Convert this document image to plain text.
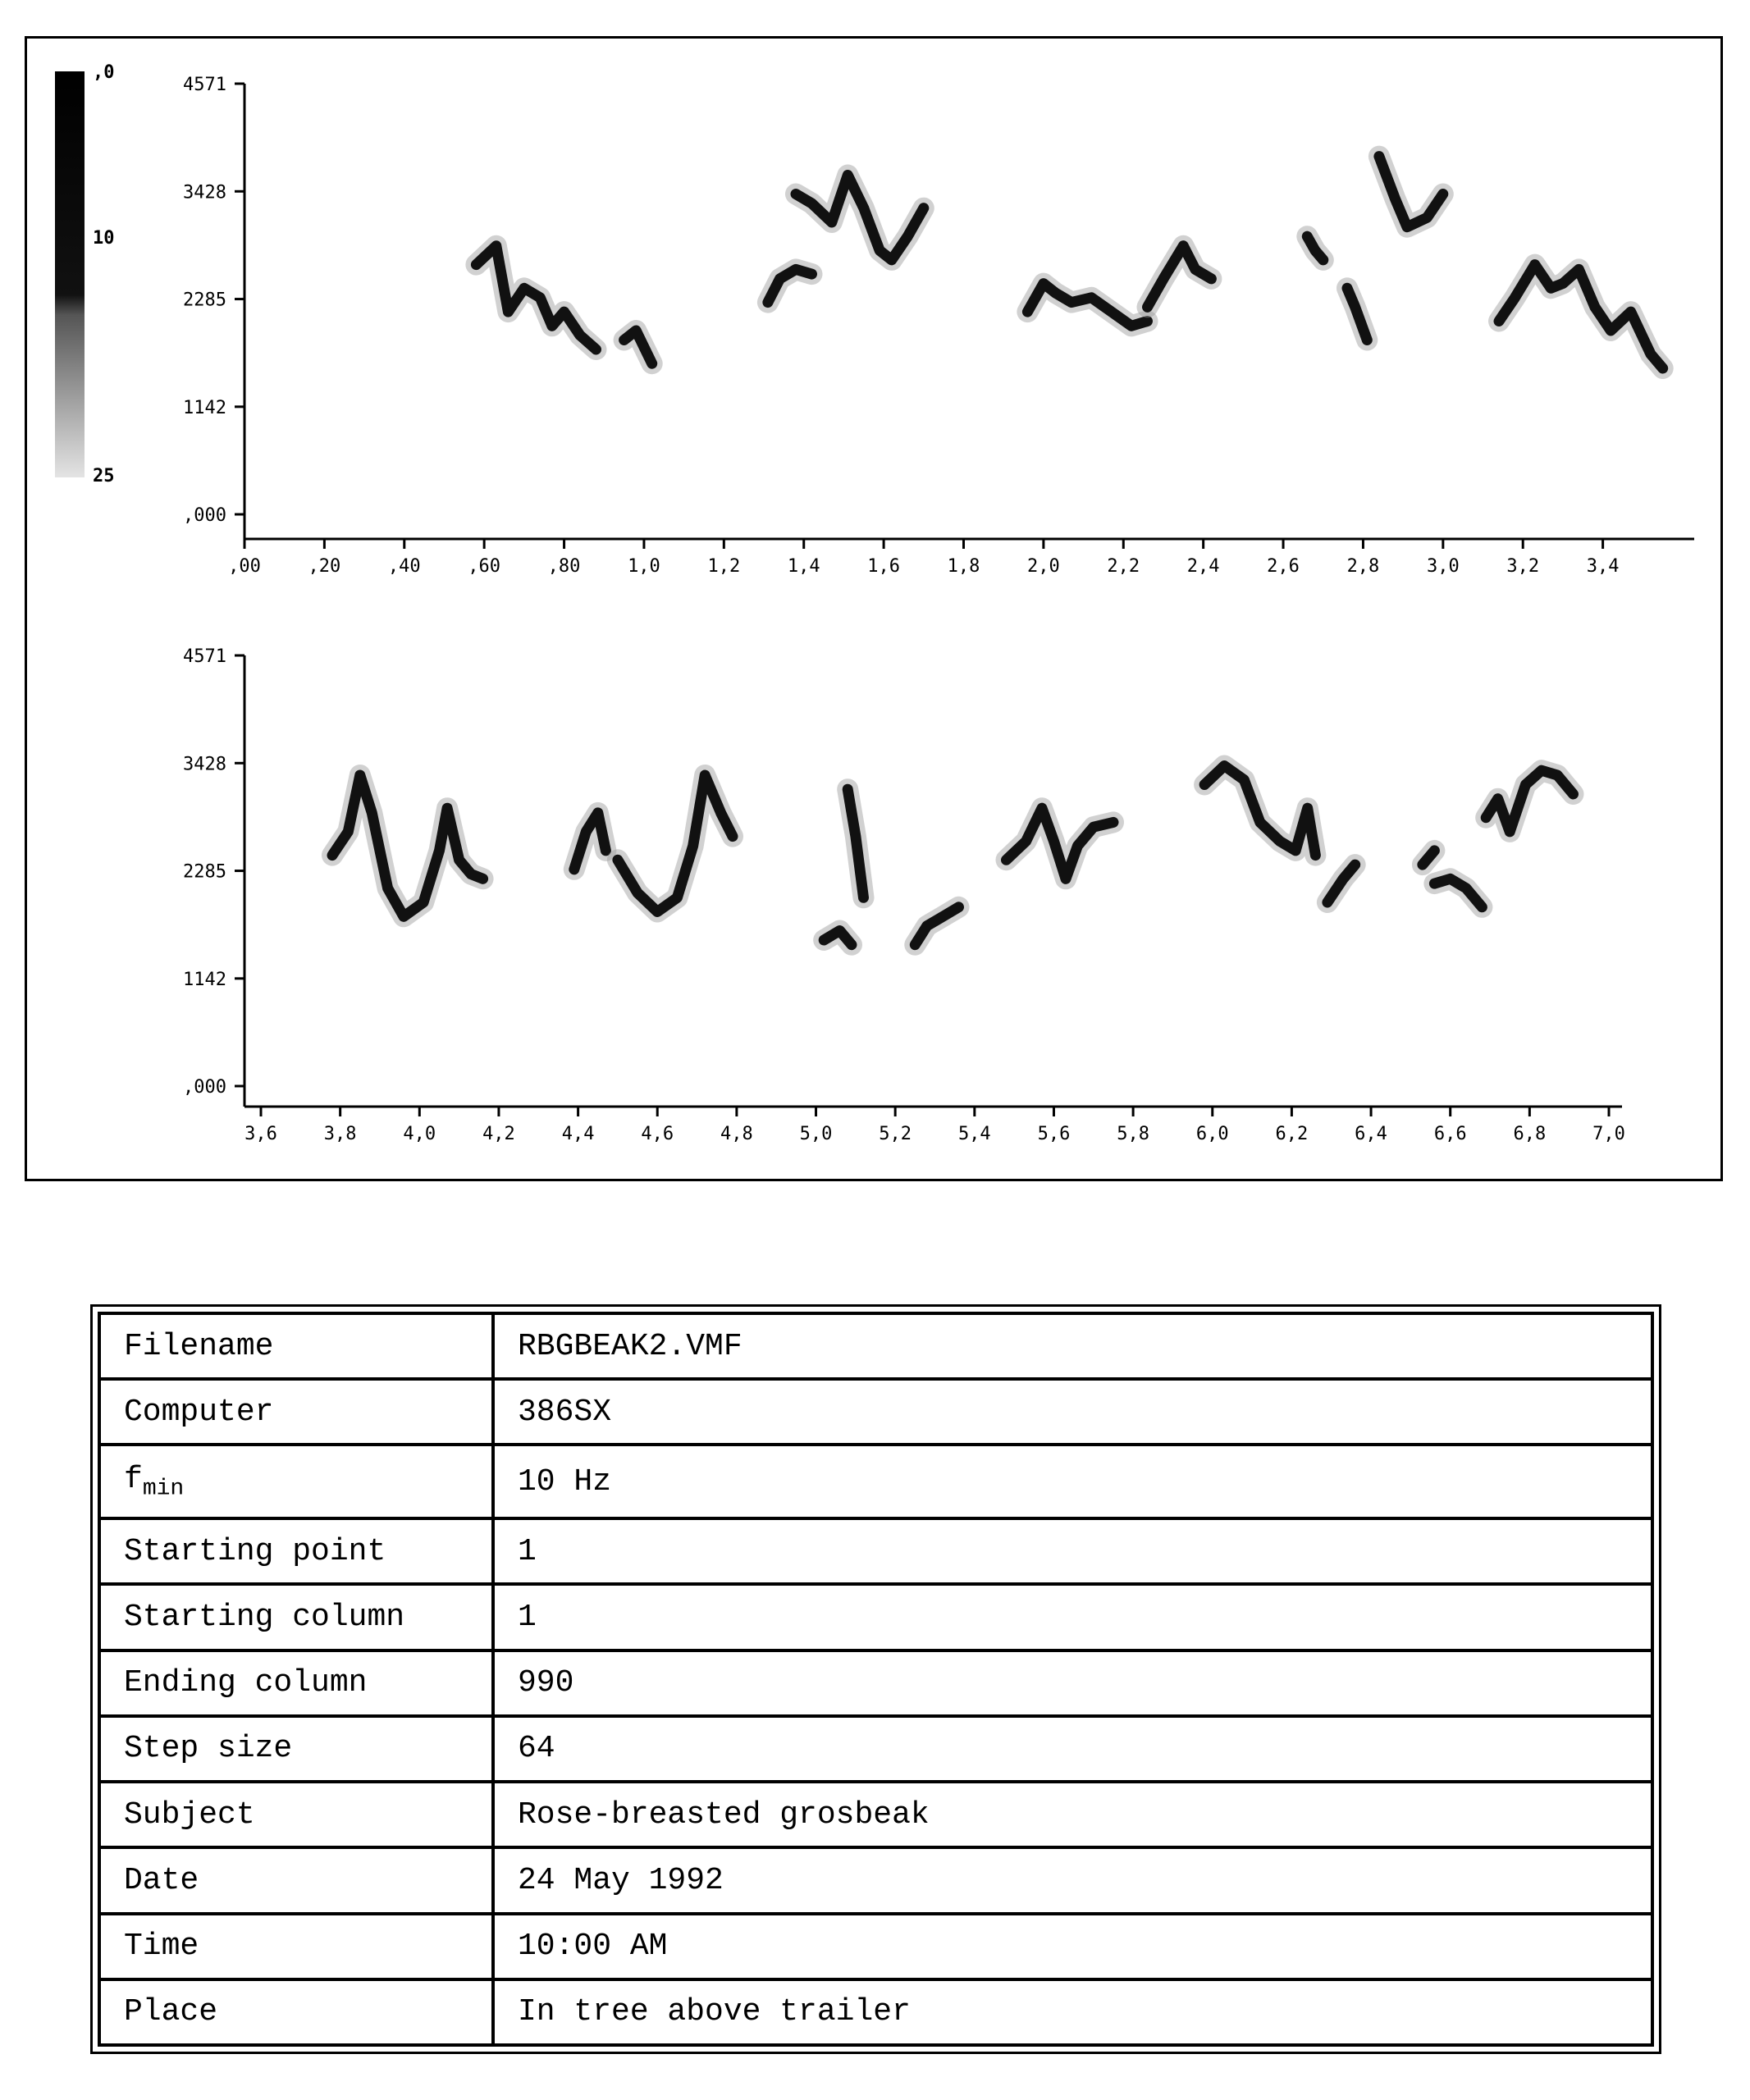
,0
10
25
4571
3428
2285
1142
,000
,00	,20	,40	,60	,80	1,0	1,2	1,4	1,6	1,8	2,0	2,2	2,4	2,6	2,8	3,0	3,2	3,4
4571
3428
2285
1142
,000
3,6	3,8	4,0	4,2	4,4	4,6	4,8	5,0	5,2	5,4	5,6	5,8	6,0	6,2	6,4	6,6	6,8	7,0
Filename	RBGBEAK2.VMF
Computer	386SX
$f_{min}$	10 Hz
Starting point	1
Starting column	1
Ending column	990
Step size	64
Subject	Rose-breasted grosbeak
Date	24 May 1992
Time	10:00 AM
Place	In tree above trailer
